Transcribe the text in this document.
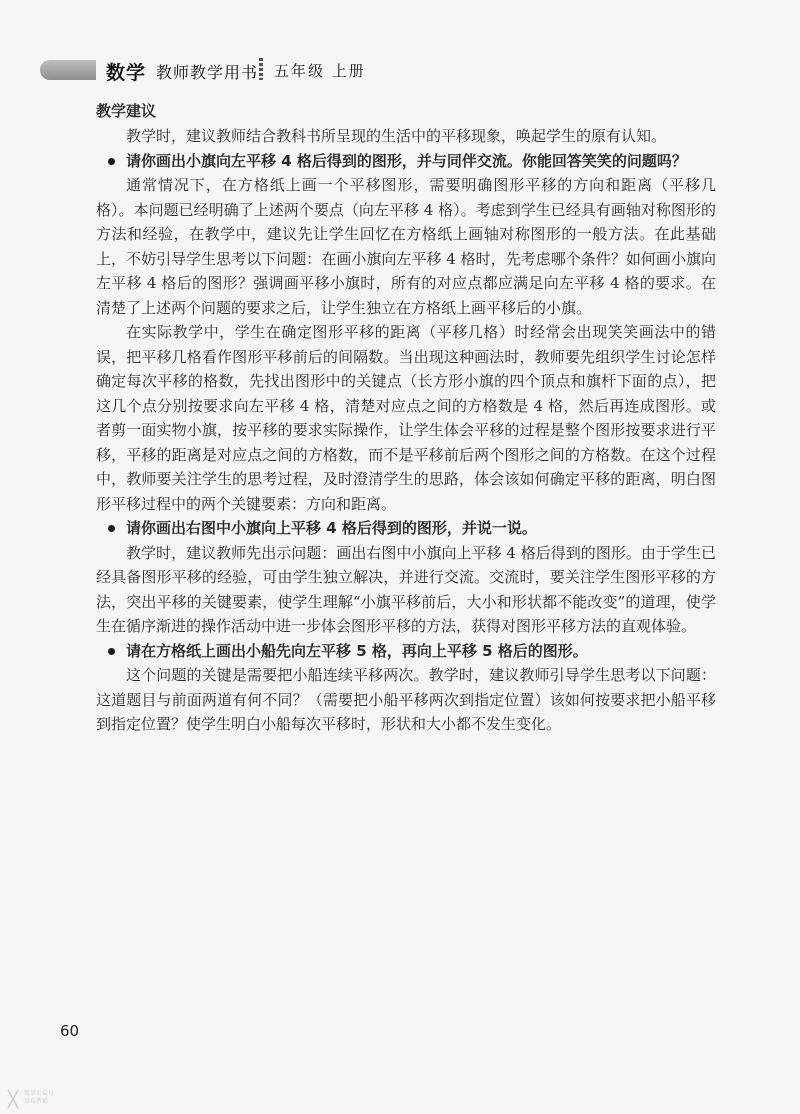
数学 教师教学用书 五年级 上册
教学建议

教学时，建议教师结合教科书所呈现的生活中的平移现象，唤起学生的原有认知。

请你画出小旗向左平移 4 格后得到的图形，并与同伴交流。你能回答笑笑的问题吗？

通常情况下，在方格纸上画一个平移图形，需要明确图形平移的方向和距离（平移几格）。本问题已经明确了上述两个要点（向左平移 4 格）。考虑到学生已经具有画轴对称图形的方法和经验，在教学中，建议先让学生回忆在方格纸上画轴对称图形的一般方法。在此基础上，不妨引导学生思考以下问题：在画小旗向左平移 4 格时，先考虑哪个条件？如何画小旗向左平移 4 格后的图形？强调画平移小旗时，所有的对应点都应满足向左平移 4 格的要求。在清楚了上述两个问题的要求之后，让学生独立在方格纸上画平移后的小旗。

在实际教学中，学生在确定图形平移的距离（平移几格）时经常会出现笑笑画法中的错误，把平移几格看作图形平移前后的间隔数。当出现这种画法时，教师要先组织学生讨论怎样确定每次平移的格数，先找出图形中的关键点（长方形小旗的四个顶点和旗杆下面的点），把这几个点分别按要求向左平移 4 格，清楚对应点之间的方格数是 4 格，然后再连成图形。或者剪一面实物小旗，按平移的要求实际操作，让学生体会平移的过程是整个图形按要求进行平移，平移的距离是对应点之间的方格数，而不是平移前后两个图形之间的方格数。在这个过程中，教师要关注学生的思考过程，及时澄清学生的思路，体会该如何确定平移的距离，明白图形平移过程中的两个关键要素：方向和距离。

请你画出右图中小旗向上平移 4 格后得到的图形，并说一说。

教学时，建议教师先出示问题：画出右图中小旗向上平移 4 格后得到的图形。由于学生已经具备图形平移的经验，可由学生独立解决，并进行交流。交流时，要关注学生图形平移的方法，突出平移的关键要素，使学生理解“小旗平移前后，大小和形状都不能改变”的道理，使学生在循序渐进的操作活动中进一步体会图形平移的方法，获得对图形平移方法的直观体验。

请在方格纸上画出小船先向左平移 5 格，再向上平移 5 格后的图形。

这个问题的关键是需要把小船连续平移两次。教学时，建议教师引导学生思考以下问题：这道题目与前面两道有何不同？（需要把小船平移两次到指定位置）该如何按要求把小船平移到指定位置？使学生明白小船每次平移时，形状和大小都不发生变化。

60
微信公众号
草莓教辅
